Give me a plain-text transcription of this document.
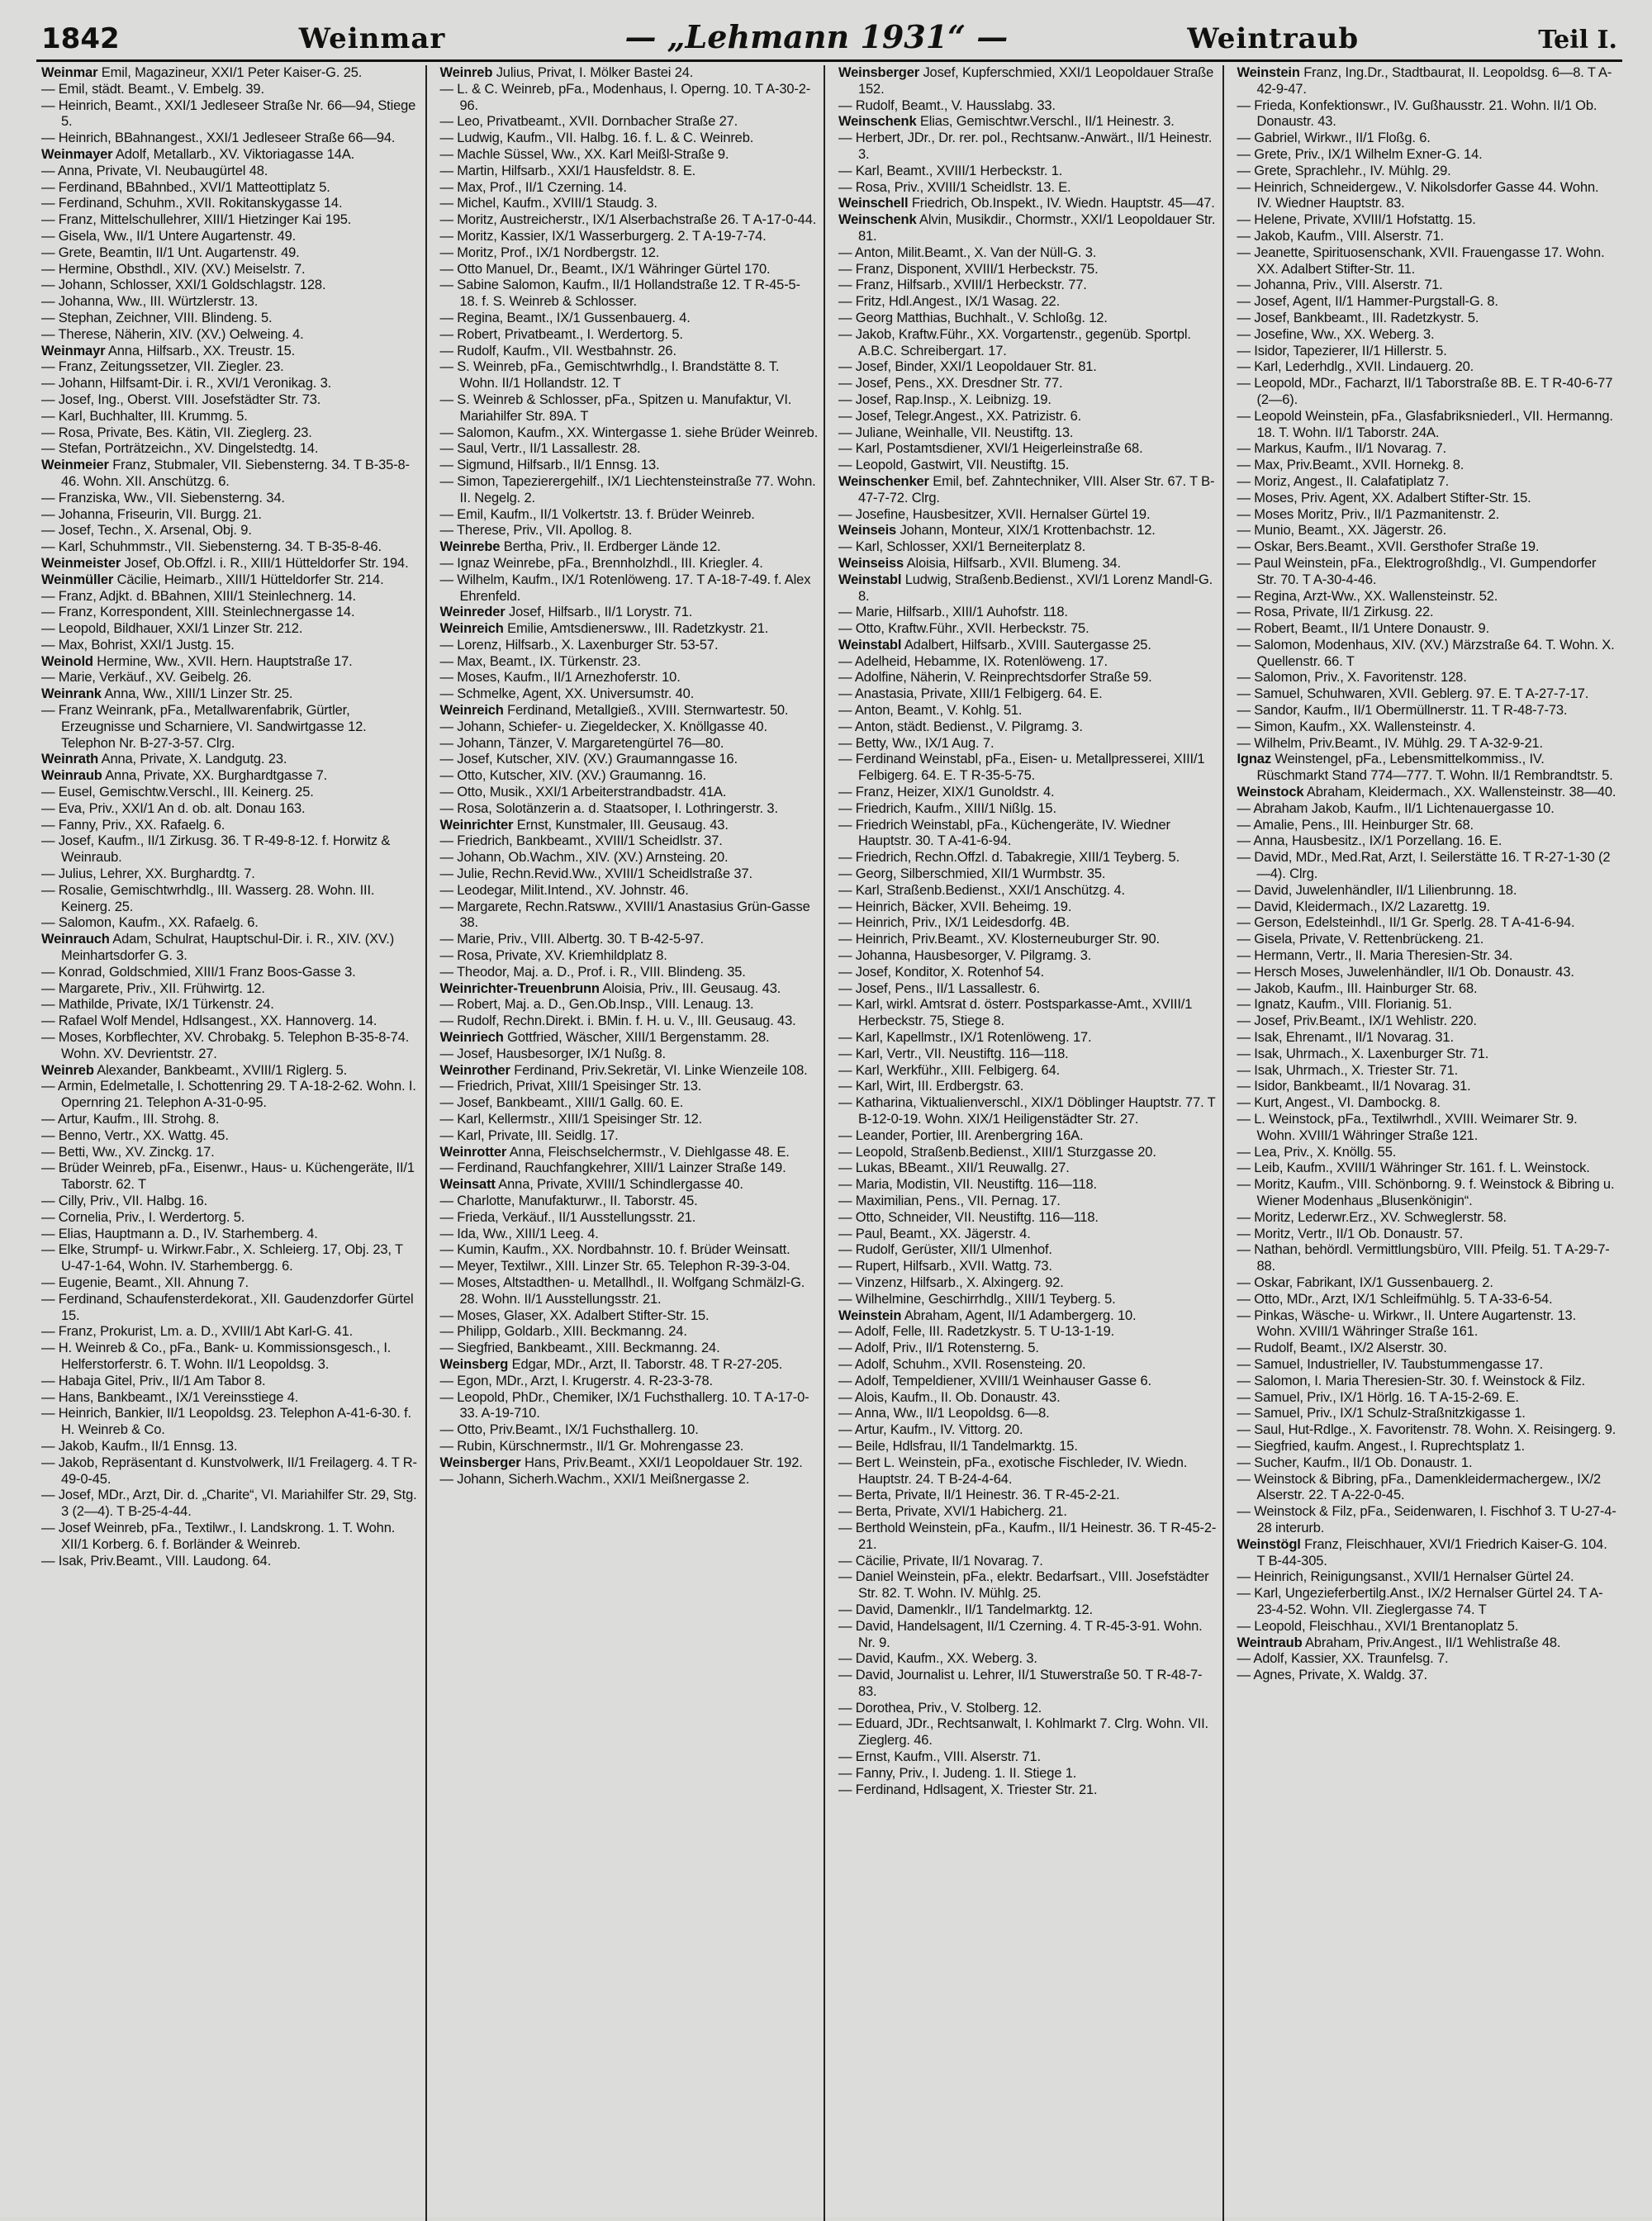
1842	Weinmar	— „Lehmann 1931“ —	Weintraub	Teil I.

Weinmar Emil, Magazineur, XXI/1 Peter Kaiser-G. 25.

— Emil, städt. Beamt., V. Embelg. 39.

— Heinrich, Beamt., XXI/1 Jedleseer Straße Nr. 66—94, Stiege 5.

— Heinrich, BBahnangest., XXI/1 Jedleseer Straße 66—94.

Weinmayer Adolf, Metallarb., XV. Viktoriagasse 14A.

— Anna, Private, VI. Neubaugürtel 48.

— Ferdinand, BBahnbed., XVI/1 Matteottiplatz 5.

— Ferdinand, Schuhm., XVII. Rokitanskygasse 14.

— Franz, Mittelschullehrer, XIII/1 Hietzinger Kai 195.

— Gisela, Ww., II/1 Untere Augartenstr. 49.

— Grete, Beamtin, II/1 Unt. Augartenstr. 49.

— Hermine, Obsthdl., XIV. (XV.) Meiselstr. 7.

— Johann, Schlosser, XXI/1 Goldschlagstr. 128.

— Johanna, Ww., III. Würtzlerstr. 13.

— Stephan, Zeichner, VIII. Blindeng. 5.

— Therese, Näherin, XIV. (XV.) Oelweing. 4.

Weinmayr Anna, Hilfsarb., XX. Treustr. 15.

— Franz, Zeitungssetzer, VII. Ziegler. 23.

— Johann, Hilfsamt-Dir. i. R., XVI/1 Veronikag. 3.

— Josef, Ing., Oberst. VIII. Josefstädter Str. 73.

— Karl, Buchhalter, III. Krummg. 5.

— Rosa, Private, Bes. Kätin, VII. Zieglerg. 23.

— Stefan, Porträtzeichn., XV. Dingelstedtg. 14.

Weinmeier Franz, Stubmaler, VII. Siebensterng. 34. T B-35-8-46. Wohn. XII. Anschützg. 6.

— Franziska, Ww., VII. Siebensterng. 34.

— Johanna, Friseurin, VII. Burgg. 21.

— Josef, Techn., X. Arsenal, Obj. 9.

— Karl, Schuhmmstr., VII. Siebensterng. 34. T B-35-8-46.

Weinmeister Josef, Ob.Offzl. i. R., XIII/1 Hütteldorfer Str. 194.

Weinmüller Cäcilie, Heimarb., XIII/1 Hütteldorfer Str. 214.

— Franz, Adjkt. d. BBahnen, XIII/1 Steinlechnerg. 14.

— Franz, Korrespondent, XIII. Steinlechnergasse 14.

— Leopold, Bildhauer, XXI/1 Linzer Str. 212.

— Max, Bohrist, XXI/1 Justg. 15.

Weinold Hermine, Ww., XVII. Hern. Hauptstraße 17.

— Marie, Verkäuf., XV. Geibelg. 26.

Weinrank Anna, Ww., XIII/1 Linzer Str. 25.

— Franz Weinrank, pFa., Metallwarenfabrik, Gürtler, Erzeugnisse und Scharniere, VI. Sandwirtgasse 12. Telephon Nr. B-27-3-57. Clrg.

Weinrath Anna, Private, X. Landgutg. 23.

Weinraub Anna, Private, XX. Burghardtgasse 7.

— Eusel, Gemischtw.Verschl., III. Keinerg. 25.

— Eva, Priv., XXI/1 An d. ob. alt. Donau 163.

— Fanny, Priv., XX. Rafaelg. 6.

— Josef, Kaufm., II/1 Zirkusg. 36. T R-49-8-12. f. Horwitz & Weinraub.

— Julius, Lehrer, XX. Burghardtg. 7.

— Rosalie, Gemischtwrhdlg., III. Wasserg. 28. Wohn. III. Keinerg. 25.

— Salomon, Kaufm., XX. Rafaelg. 6.

Weinrauch Adam, Schulrat, Hauptschul-Dir. i. R., XIV. (XV.) Meinhartsdorfer G. 3.

— Konrad, Goldschmied, XIII/1 Franz Boos-Gasse 3.

— Margarete, Priv., XII. Frühwirtg. 12.

— Mathilde, Private, IX/1 Türkenstr. 24.

— Rafael Wolf Mendel, Hdlsangest., XX. Hannoverg. 14.

— Moses, Korbflechter, XV. Chrobakg. 5. Telephon B-35-8-74. Wohn. XV. Devrientstr. 27.

Weinreb Alexander, Bankbeamt., XVIII/1 Riglerg. 5.

— Armin, Edelmetalle, I. Schottenring 29. T A-18-2-62. Wohn. I. Opernring 21. Telephon A-31-0-95.

— Artur, Kaufm., III. Strohg. 8.

— Benno, Vertr., XX. Wattg. 45.

— Betti, Ww., XV. Zinckg. 17.

— Brüder Weinreb, pFa., Eisenwr., Haus- u. Küchengeräte, II/1 Taborstr. 62. T

— Cilly, Priv., VII. Halbg. 16.

— Cornelia, Priv., I. Werdertorg. 5.

— Elias, Hauptmann a. D., IV. Starhemberg. 4.

— Elke, Strumpf- u. Wirkwr.Fabr., X. Schleierg. 17, Obj. 23, T U-47-1-64, Wohn. IV. Starhembergg. 6.

— Eugenie, Beamt., XII. Ahnung 7.

— Ferdinand, Schaufensterdekorat., XII. Gaudenzdorfer Gürtel 15.

— Franz, Prokurist, Lm. a. D., XVIII/1 Abt Karl-G. 41.

— H. Weinreb & Co., pFa., Bank- u. Kommissionsgesch., I. Helferstorferstr. 6. T. Wohn. II/1 Leopoldsg. 3.

— Habaja Gitel, Priv., II/1 Am Tabor 8.

— Hans, Bankbeamt., IX/1 Vereinsstiege 4.

— Heinrich, Bankier, II/1 Leopoldsg. 23. Telephon A-41-6-30. f. H. Weinreb & Co.

— Jakob, Kaufm., II/1 Ennsg. 13.

— Jakob, Repräsentant d. Kunstvolwerk, II/1 Freilagerg. 4. T R-49-0-45.

— Josef, MDr., Arzt, Dir. d. „Charite“, VI. Mariahilfer Str. 29, Stg. 3 (2—4). T B-25-4-44.

— Josef Weinreb, pFa., Textilwr., I. Landskrong. 1. T. Wohn. XII/1 Korberg. 6. f. Borländer & Weinreb.

— Isak, Priv.Beamt., VIII. Laudong. 64.

Weinreb Julius, Privat, I. Mölker Bastei 24.

— L. & C. Weinreb, pFa., Modenhaus, I. Operng. 10. T A-30-2-96.

— Leo, Privatbeamt., XVII. Dornbacher Straße 27.

— Ludwig, Kaufm., VII. Halbg. 16. f. L. & C. Weinreb.

— Machle Süssel, Ww., XX. Karl Meißl-Straße 9.

— Martin, Hilfsarb., XXI/1 Hausfeldstr. 8. E.

— Max, Prof., II/1 Czerning. 14.

— Michel, Kaufm., XVIII/1 Staudg. 3.

— Moritz, Austreicherstr., IX/1 Alserbachstraße 26. T A-17-0-44.

— Moritz, Kassier, IX/1 Wasserburgerg. 2. T A-19-7-74.

— Moritz, Prof., IX/1 Nordbergstr. 12.

— Otto Manuel, Dr., Beamt., IX/1 Währinger Gürtel 170.

— Sabine Salomon, Kaufm., II/1 Hollandstraße 12. T R-45-5-18. f. S. Weinreb & Schlosser.

— Regina, Beamt., IX/1 Gussenbauerg. 4.

— Robert, Privatbeamt., I. Werdertorg. 5.

— Rudolf, Kaufm., VII. Westbahnstr. 26.

— S. Weinreb, pFa., Gemischtwrhdlg., I. Brandstätte 8. T. Wohn. II/1 Hollandstr. 12. T

— S. Weinreb & Schlosser, pFa., Spitzen u. Manufaktur, VI. Mariahilfer Str. 89A. T

— Salomon, Kaufm., XX. Wintergasse 1. siehe Brüder Weinreb.

— Saul, Vertr., II/1 Lassallestr. 28.

— Sigmund, Hilfsarb., II/1 Ennsg. 13.

— Simon, Tapezierergehilf., IX/1 Liechtensteinstraße 77. Wohn. II. Negelg. 2.

— Emil, Kaufm., II/1 Volkertstr. 13. f. Brüder Weinreb.

— Therese, Priv., VII. Apollog. 8.

Weinrebe Bertha, Priv., II. Erdberger Lände 12.

— Ignaz Weinrebe, pFa., Brennholzhdl., III. Kriegler. 4.

— Wilhelm, Kaufm., IX/1 Rotenlöweng. 17. T A-18-7-49. f. Alex Ehrenfeld.

Weinreder Josef, Hilfsarb., II/1 Lorystr. 71.

Weinreich Emilie, Amtsdienersww., III. Radetzkystr. 21.

— Lorenz, Hilfsarb., X. Laxenburger Str. 53-57.

— Max, Beamt., IX. Türkenstr. 23.

— Moses, Kaufm., II/1 Arnezhoferstr. 10.

— Schmelke, Agent, XX. Universumstr. 40.

Weinreich Ferdinand, Metallgieß., XVIII. Sternwartestr. 50.

— Johann, Schiefer- u. Ziegeldecker, X. Knöllgasse 40.

— Johann, Tänzer, V. Margaretengürtel 76—80.

— Josef, Kutscher, XIV. (XV.) Graumanngasse 16.

— Otto, Kutscher, XIV. (XV.) Graumanng. 16.

— Otto, Musik., XXI/1 Arbeiterstrandbadstr. 41A.

— Rosa, Solotänzerin a. d. Staatsoper, I. Lothringerstr. 3.

Weinrichter Ernst, Kunstmaler, III. Geusaug. 43.

— Friedrich, Bankbeamt., XVIII/1 Scheidlstr. 37.

— Johann, Ob.Wachm., XIV. (XV.) Arnsteing. 20.

— Julie, Rechn.Revid.Ww., XVIII/1 Scheidlstraße 37.

— Leodegar, Milit.Intend., XV. Johnstr. 46.

— Margarete, Rechn.Ratsww., XVIII/1 Anastasius Grün-Gasse 38.

— Marie, Priv., VIII. Albertg. 30. T B-42-5-97.

— Rosa, Private, XV. Kriemhildplatz 8.

— Theodor, Maj. a. D., Prof. i. R., VIII. Blindeng. 35.

Weinrichter-Treuenbrunn Aloisia, Priv., III. Geusaug. 43.

— Robert, Maj. a. D., Gen.Ob.Insp., VIII. Lenaug. 13.

— Rudolf, Rechn.Direkt. i. BMin. f. H. u. V., III. Geusaug. 43.

Weinriech Gottfried, Wäscher, XIII/1 Bergenstamm. 28.

— Josef, Hausbesorger, IX/1 Nußg. 8.

Weinrother Ferdinand, Priv.Sekretär, VI. Linke Wienzeile 108.

— Friedrich, Privat, XIII/1 Speisinger Str. 13.

— Josef, Bankbeamt., XIII/1 Gallg. 60. E.

— Karl, Kellermstr., XIII/1 Speisinger Str. 12.

— Karl, Private, III. Seidlg. 17.

Weinrotter Anna, Fleischselchermstr., V. Diehlgasse 48. E.

— Ferdinand, Rauchfangkehrer, XIII/1 Lainzer Straße 149.

Weinsatt Anna, Private, XVIII/1 Schindlergasse 40.

— Charlotte, Manufakturwr., II. Taborstr. 45.

— Frieda, Verkäuf., II/1 Ausstellungsstr. 21.

— Ida, Ww., XIII/1 Leeg. 4.

— Kumin, Kaufm., XX. Nordbahnstr. 10. f. Brüder Weinsatt.

— Meyer, Textilwr., XIII. Linzer Str. 65. Telephon R-39-3-04.

— Moses, Altstadthen- u. Metallhdl., II. Wolfgang Schmälzl-G. 28. Wohn. II/1 Ausstellungsstr. 21.

— Moses, Glaser, XX. Adalbert Stifter-Str. 15.

— Philipp, Goldarb., XIII. Beckmanng. 24.

— Siegfried, Bankbeamt., XIII. Beckmanng. 24.

Weinsberg Edgar, MDr., Arzt, II. Taborstr. 48. T R-27-205.

— Egon, MDr., Arzt, I. Krugerstr. 4. R-23-3-78.

— Leopold, PhDr., Chemiker, IX/1 Fuchsthallerg. 10. T A-17-0-33. A-19-710.

— Otto, Priv.Beamt., IX/1 Fuchsthallerg. 10.

— Rubin, Kürschnermstr., II/1 Gr. Mohrengasse 23.

Weinsberger Hans, Priv.Beamt., XXI/1 Leopoldauer Str. 192.

— Johann, Sicherh.Wachm., XXI/1 Meißnergasse 2.

Weinsberger Josef, Kupferschmied, XXI/1 Leopoldauer Straße 152.

— Rudolf, Beamt., V. Hausslabg. 33.

Weinschenk Elias, Gemischtwr.Verschl., II/1 Heinestr. 3.

— Herbert, JDr., Dr. rer. pol., Rechtsanw.-Anwärt., II/1 Heinestr. 3.

— Karl, Beamt., XVIII/1 Herbeckstr. 1.

— Rosa, Priv., XVIII/1 Scheidlstr. 13. E.

Weinschell Friedrich, Ob.Inspekt., IV. Wiedn. Hauptstr. 45—47.

Weinschenk Alvin, Musikdir., Chormstr., XXI/1 Leopoldauer Str. 81.

— Anton, Milit.Beamt., X. Van der Nüll-G. 3.

— Franz, Disponent, XVIII/1 Herbeckstr. 75.

— Franz, Hilfsarb., XVIII/1 Herbeckstr. 77.

— Fritz, Hdl.Angest., IX/1 Wasag. 22.

— Georg Matthias, Buchhalt., V. Schloßg. 12.

— Jakob, Kraftw.Führ., XX. Vorgartenstr., gegenüb. Sportpl. A.B.C. Schreibergart. 17.

— Josef, Binder, XXI/1 Leopoldauer Str. 81.

— Josef, Pens., XX. Dresdner Str. 77.

— Josef, Rap.Insp., X. Leibnizg. 19.

— Josef, Telegr.Angest., XX. Patrizistr. 6.

— Juliane, Weinhalle, VII. Neustiftg. 13.

— Karl, Postamtsdiener, XVI/1 Heigerleinstraße 68.

— Leopold, Gastwirt, VII. Neustiftg. 15.

Weinschenker Emil, bef. Zahntechniker, VIII. Alser Str. 67. T B-47-7-72. Clrg.

— Josefine, Hausbesitzer, XVII. Hernalser Gürtel 19.

Weinseis Johann, Monteur, XIX/1 Krottenbachstr. 12.

— Karl, Schlosser, XXI/1 Berneiterplatz 8.

Weinseiss Aloisia, Hilfsarb., XVII. Blumeng. 34.

Weinstabl Ludwig, Straßenb.Bedienst., XVI/1 Lorenz Mandl-G. 8.

— Marie, Hilfsarb., XIII/1 Auhofstr. 118.

— Otto, Kraftw.Führ., XVII. Herbeckstr. 75.

Weinstabl Adalbert, Hilfsarb., XVIII. Sautergasse 25.

— Adelheid, Hebamme, IX. Rotenlöweng. 17.

— Adolfine, Näherin, V. Reinprechtsdorfer Straße 59.

— Anastasia, Private, XIII/1 Felbigerg. 64. E.

— Anton, Beamt., V. Kohlg. 51.

— Anton, städt. Bedienst., V. Pilgramg. 3.

— Betty, Ww., IX/1 Aug. 7.

— Ferdinand Weinstabl, pFa., Eisen- u. Metallpresserei, XIII/1 Felbigerg. 64. E. T R-35-5-75.

— Franz, Heizer, XIX/1 Gunoldstr. 4.

— Friedrich, Kaufm., XIII/1 Nißlg. 15.

— Friedrich Weinstabl, pFa., Küchengeräte, IV. Wiedner Hauptstr. 30. T A-41-6-94.

— Friedrich, Rechn.Offzl. d. Tabakregie, XIII/1 Teyberg. 5.

— Georg, Silberschmied, XII/1 Wurmbstr. 35.

— Karl, Straßenb.Bedienst., XXI/1 Anschützg. 4.

— Heinrich, Bäcker, XVII. Beheimg. 19.

— Heinrich, Priv., IX/1 Leidesdorfg. 4B.

— Heinrich, Priv.Beamt., XV. Klosterneuburger Str. 90.

— Johanna, Hausbesorger, V. Pilgramg. 3.

— Josef, Konditor, X. Rotenhof 54.

— Josef, Pens., II/1 Lassallestr. 6.

— Karl, wirkl. Amtsrat d. österr. Postsparkasse-Amt., XVIII/1 Herbeckstr. 75, Stiege 8.

— Karl, Kapellmstr., IX/1 Rotenlöweng. 17.

— Karl, Vertr., VII. Neustiftg. 116—118.

— Karl, Werkführ., XIII. Felbigerg. 64.

— Karl, Wirt, III. Erdbergstr. 63.

— Katharina, Viktualienverschl., XIX/1 Döblinger Hauptstr. 77. T B-12-0-19. Wohn. XIX/1 Heiligenstädter Str. 27.

— Leander, Portier, III. Arenbergring 16A.

— Leopold, Straßenb.Bedienst., XIII/1 Sturzgasse 20.

— Lukas, BBeamt., XII/1 Reuwallg. 27.

— Maria, Modistin, VII. Neustiftg. 116—118.

— Maximilian, Pens., VII. Pernag. 17.

— Otto, Schneider, VII. Neustiftg. 116—118.

— Paul, Beamt., XX. Jägerstr. 4.

— Rudolf, Gerüster, XII/1 Ulmenhof.

— Rupert, Hilfsarb., XVII. Wattg. 73.

— Vinzenz, Hilfsarb., X. Alxingerg. 92.

— Wilhelmine, Geschirrhdlg., XIII/1 Teyberg. 5.

Weinstein Abraham, Agent, II/1 Adambergerg. 10.

— Adolf, Felle, III. Radetzkystr. 5. T U-13-1-19.

— Adolf, Priv., II/1 Rotensterng. 5.

— Adolf, Schuhm., XVII. Rosensteing. 20.

— Adolf, Tempeldiener, XVIII/1 Weinhauser Gasse 6.

— Alois, Kaufm., II. Ob. Donaustr. 43.

— Anna, Ww., II/1 Leopoldsg. 6—8.

— Artur, Kaufm., IV. Vittorg. 20.

— Beile, Hdlsfrau, II/1 Tandelmarktg. 15.

— Bert L. Weinstein, pFa., exotische Fischleder, IV. Wiedn. Hauptstr. 24. T B-24-4-64.

— Berta, Private, II/1 Heinestr. 36. T R-45-2-21.

— Berta, Private, XVI/1 Habicherg. 21.

— Berthold Weinstein, pFa., Kaufm., II/1 Heinestr. 36. T R-45-2-21.

— Cäcilie, Private, II/1 Novarag. 7.

— Daniel Weinstein, pFa., elektr. Bedarfsart., VIII. Josefstädter Str. 82. T. Wohn. IV. Mühlg. 25.

— David, Damenklr., II/1 Tandelmarktg. 12.

— David, Handelsagent, II/1 Czerning. 4. T R-45-3-91. Wohn. Nr. 9.

— David, Kaufm., XX. Weberg. 3.

— David, Journalist u. Lehrer, II/1 Stuwerstraße 50. T R-48-7-83.

— Dorothea, Priv., V. Stolberg. 12.

— Eduard, JDr., Rechtsanwalt, I. Kohlmarkt 7. Clrg. Wohn. VII. Zieglerg. 46.

— Ernst, Kaufm., VIII. Alserstr. 71.

— Fanny, Priv., I. Judeng. 1. II. Stiege 1.

— Ferdinand, Hdlsagent, X. Triester Str. 21.

Weinstein Franz, Ing.Dr., Stadtbaurat, II. Leopoldsg. 6—8. T A-42-9-47.

— Frieda, Konfektionswr., IV. Gußhausstr. 21. Wohn. II/1 Ob. Donaustr. 43.

— Gabriel, Wirkwr., II/1 Floßg. 6.

— Grete, Priv., IX/1 Wilhelm Exner-G. 14.

— Grete, Sprachlehr., IV. Mühlg. 29.

— Heinrich, Schneidergew., V. Nikolsdorfer Gasse 44. Wohn. IV. Wiedner Hauptstr. 83.

— Helene, Private, XVIII/1 Hofstattg. 15.

— Jakob, Kaufm., VIII. Alserstr. 71.

— Jeanette, Spirituosenschank, XVII. Frauengasse 17. Wohn. XX. Adalbert Stifter-Str. 11.

— Johanna, Priv., VIII. Alserstr. 71.

— Josef, Agent, II/1 Hammer-Purgstall-G. 8.

— Josef, Bankbeamt., III. Radetzkystr. 5.

— Josefine, Ww., XX. Weberg. 3.

— Isidor, Tapezierer, II/1 Hillerstr. 5.

— Karl, Lederhdlg., XVII. Lindauerg. 20.

— Leopold, MDr., Facharzt, II/1 Taborstraße 8B. E. T R-40-6-77 (2—6).

— Leopold Weinstein, pFa., Glasfabriksniederl., VII. Hermanng. 18. T. Wohn. II/1 Taborstr. 24A.

— Markus, Kaufm., II/1 Novarag. 7.

— Max, Priv.Beamt., XVII. Hornekg. 8.

— Moriz, Angest., II. Calafatiplatz 7.

— Moses, Priv. Agent, XX. Adalbert Stifter-Str. 15.

— Moses Moritz, Priv., II/1 Pazmanitenstr. 2.

— Munio, Beamt., XX. Jägerstr. 26.

— Oskar, Bers.Beamt., XVII. Gersthofer Straße 19.

— Paul Weinstein, pFa., Elektrogroßhdlg., VI. Gumpendorfer Str. 70. T A-30-4-46.

— Regina, Arzt-Ww., XX. Wallensteinstr. 52.

— Rosa, Private, II/1 Zirkusg. 22.

— Robert, Beamt., II/1 Untere Donaustr. 9.

— Salomon, Modenhaus, XIV. (XV.) Märzstraße 64. T. Wohn. X. Quellenstr. 66. T

— Salomon, Priv., X. Favoritenstr. 128.

— Samuel, Schuhwaren, XVII. Geblerg. 97. E. T A-27-7-17.

— Sandor, Kaufm., II/1 Obermüllnerstr. 11. T R-48-7-73.

— Simon, Kaufm., XX. Wallensteinstr. 4.

— Wilhelm, Priv.Beamt., IV. Mühlg. 29. T A-32-9-21.

Ignaz Weinstengel, pFa., Lebensmittelkommiss., IV. Rüschmarkt Stand 774—777. T. Wohn. II/1 Rembrandtstr. 5.

Weinstock Abraham, Kleidermach., XX. Wallensteinstr. 38—40.

— Abraham Jakob, Kaufm., II/1 Lichtenauergasse 10.

— Amalie, Pens., III. Heinburger Str. 68.

— Anna, Hausbesitz., IX/1 Porzellang. 16. E.

— David, MDr., Med.Rat, Arzt, I. Seilerstätte 16. T R-27-1-30 (2—4). Clrg.

— David, Juwelenhändler, II/1 Lilienbrunng. 18.

— David, Kleidermach., IX/2 Lazarettg. 19.

— Gerson, Edelsteinhdl., II/1 Gr. Sperlg. 28. T A-41-6-94.

— Gisela, Private, V. Rettenbrückeng. 21.

— Hermann, Vertr., II. Maria Theresien-Str. 34.

— Hersch Moses, Juwelenhändler, II/1 Ob. Donaustr. 43.

— Jakob, Kaufm., III. Hainburger Str. 68.

— Ignatz, Kaufm., VIII. Florianig. 51.

— Josef, Priv.Beamt., IX/1 Wehlistr. 220.

— Isak, Ehrenamt., II/1 Novarag. 31.

— Isak, Uhrmach., X. Laxenburger Str. 71.

— Isak, Uhrmach., X. Triester Str. 71.

— Isidor, Bankbeamt., II/1 Novarag. 31.

— Kurt, Angest., VI. Dambockg. 8.

— L. Weinstock, pFa., Textilwrhdl., XVIII. Weimarer Str. 9. Wohn. XVIII/1 Währinger Straße 121.

— Lea, Priv., X. Knöllg. 55.

— Leib, Kaufm., XVIII/1 Währinger Str. 161. f. L. Weinstock.

— Moritz, Kaufm., VIII. Schönborng. 9. f. Weinstock & Bibring u. Wiener Modenhaus „Blusenkönigin“.

— Moritz, Lederwr.Erz., XV. Schweglerstr. 58.

— Moritz, Vertr., II/1 Ob. Donaustr. 57.

— Nathan, behördl. Vermittlungsbüro, VIII. Pfeilg. 51. T A-29-7-88.

— Oskar, Fabrikant, IX/1 Gussenbauerg. 2.

— Otto, MDr., Arzt, IX/1 Schleifmühlg. 5. T A-33-6-54.

— Pinkas, Wäsche- u. Wirkwr., II. Untere Augartenstr. 13. Wohn. XVIII/1 Währinger Straße 161.

— Rudolf, Beamt., IX/2 Alserstr. 30.

— Samuel, Industrieller, IV. Taubstummengasse 17.

— Salomon, I. Maria Theresien-Str. 30. f. Weinstock & Filz.

— Samuel, Priv., IX/1 Hörlg. 16. T A-15-2-69. E.

— Samuel, Priv., IX/1 Schulz-Straßnitzkigasse 1.

— Saul, Hut-Rdlge., X. Favoritenstr. 78. Wohn. X. Reisingerg. 9.

— Siegfried, kaufm. Angest., I. Ruprechtsplatz 1.

— Sucher, Kaufm., II/1 Ob. Donaustr. 1.

— Weinstock & Bibring, pFa., Damenkleidermachergew., IX/2 Alserstr. 22. T A-22-0-45.

— Weinstock & Filz, pFa., Seidenwaren, I. Fischhof 3. T U-27-4-28 interurb.

Weinstögl Franz, Fleischhauer, XVI/1 Friedrich Kaiser-G. 104. T B-44-305.

— Heinrich, Reinigungsanst., XVII/1 Hernalser Gürtel 24.

— Karl, Ungezieferbertilg.Anst., IX/2 Hernalser Gürtel 24. T A-23-4-52. Wohn. VII. Zieglergasse 74. T

— Leopold, Fleischhau., XVI/1 Brentanoplatz 5.

Weintraub Abraham, Priv.Angest., II/1 Wehlistraße 48.

— Adolf, Kassier, XX. Traunfelsg. 7.

— Agnes, Private, X. Waldg. 37.
